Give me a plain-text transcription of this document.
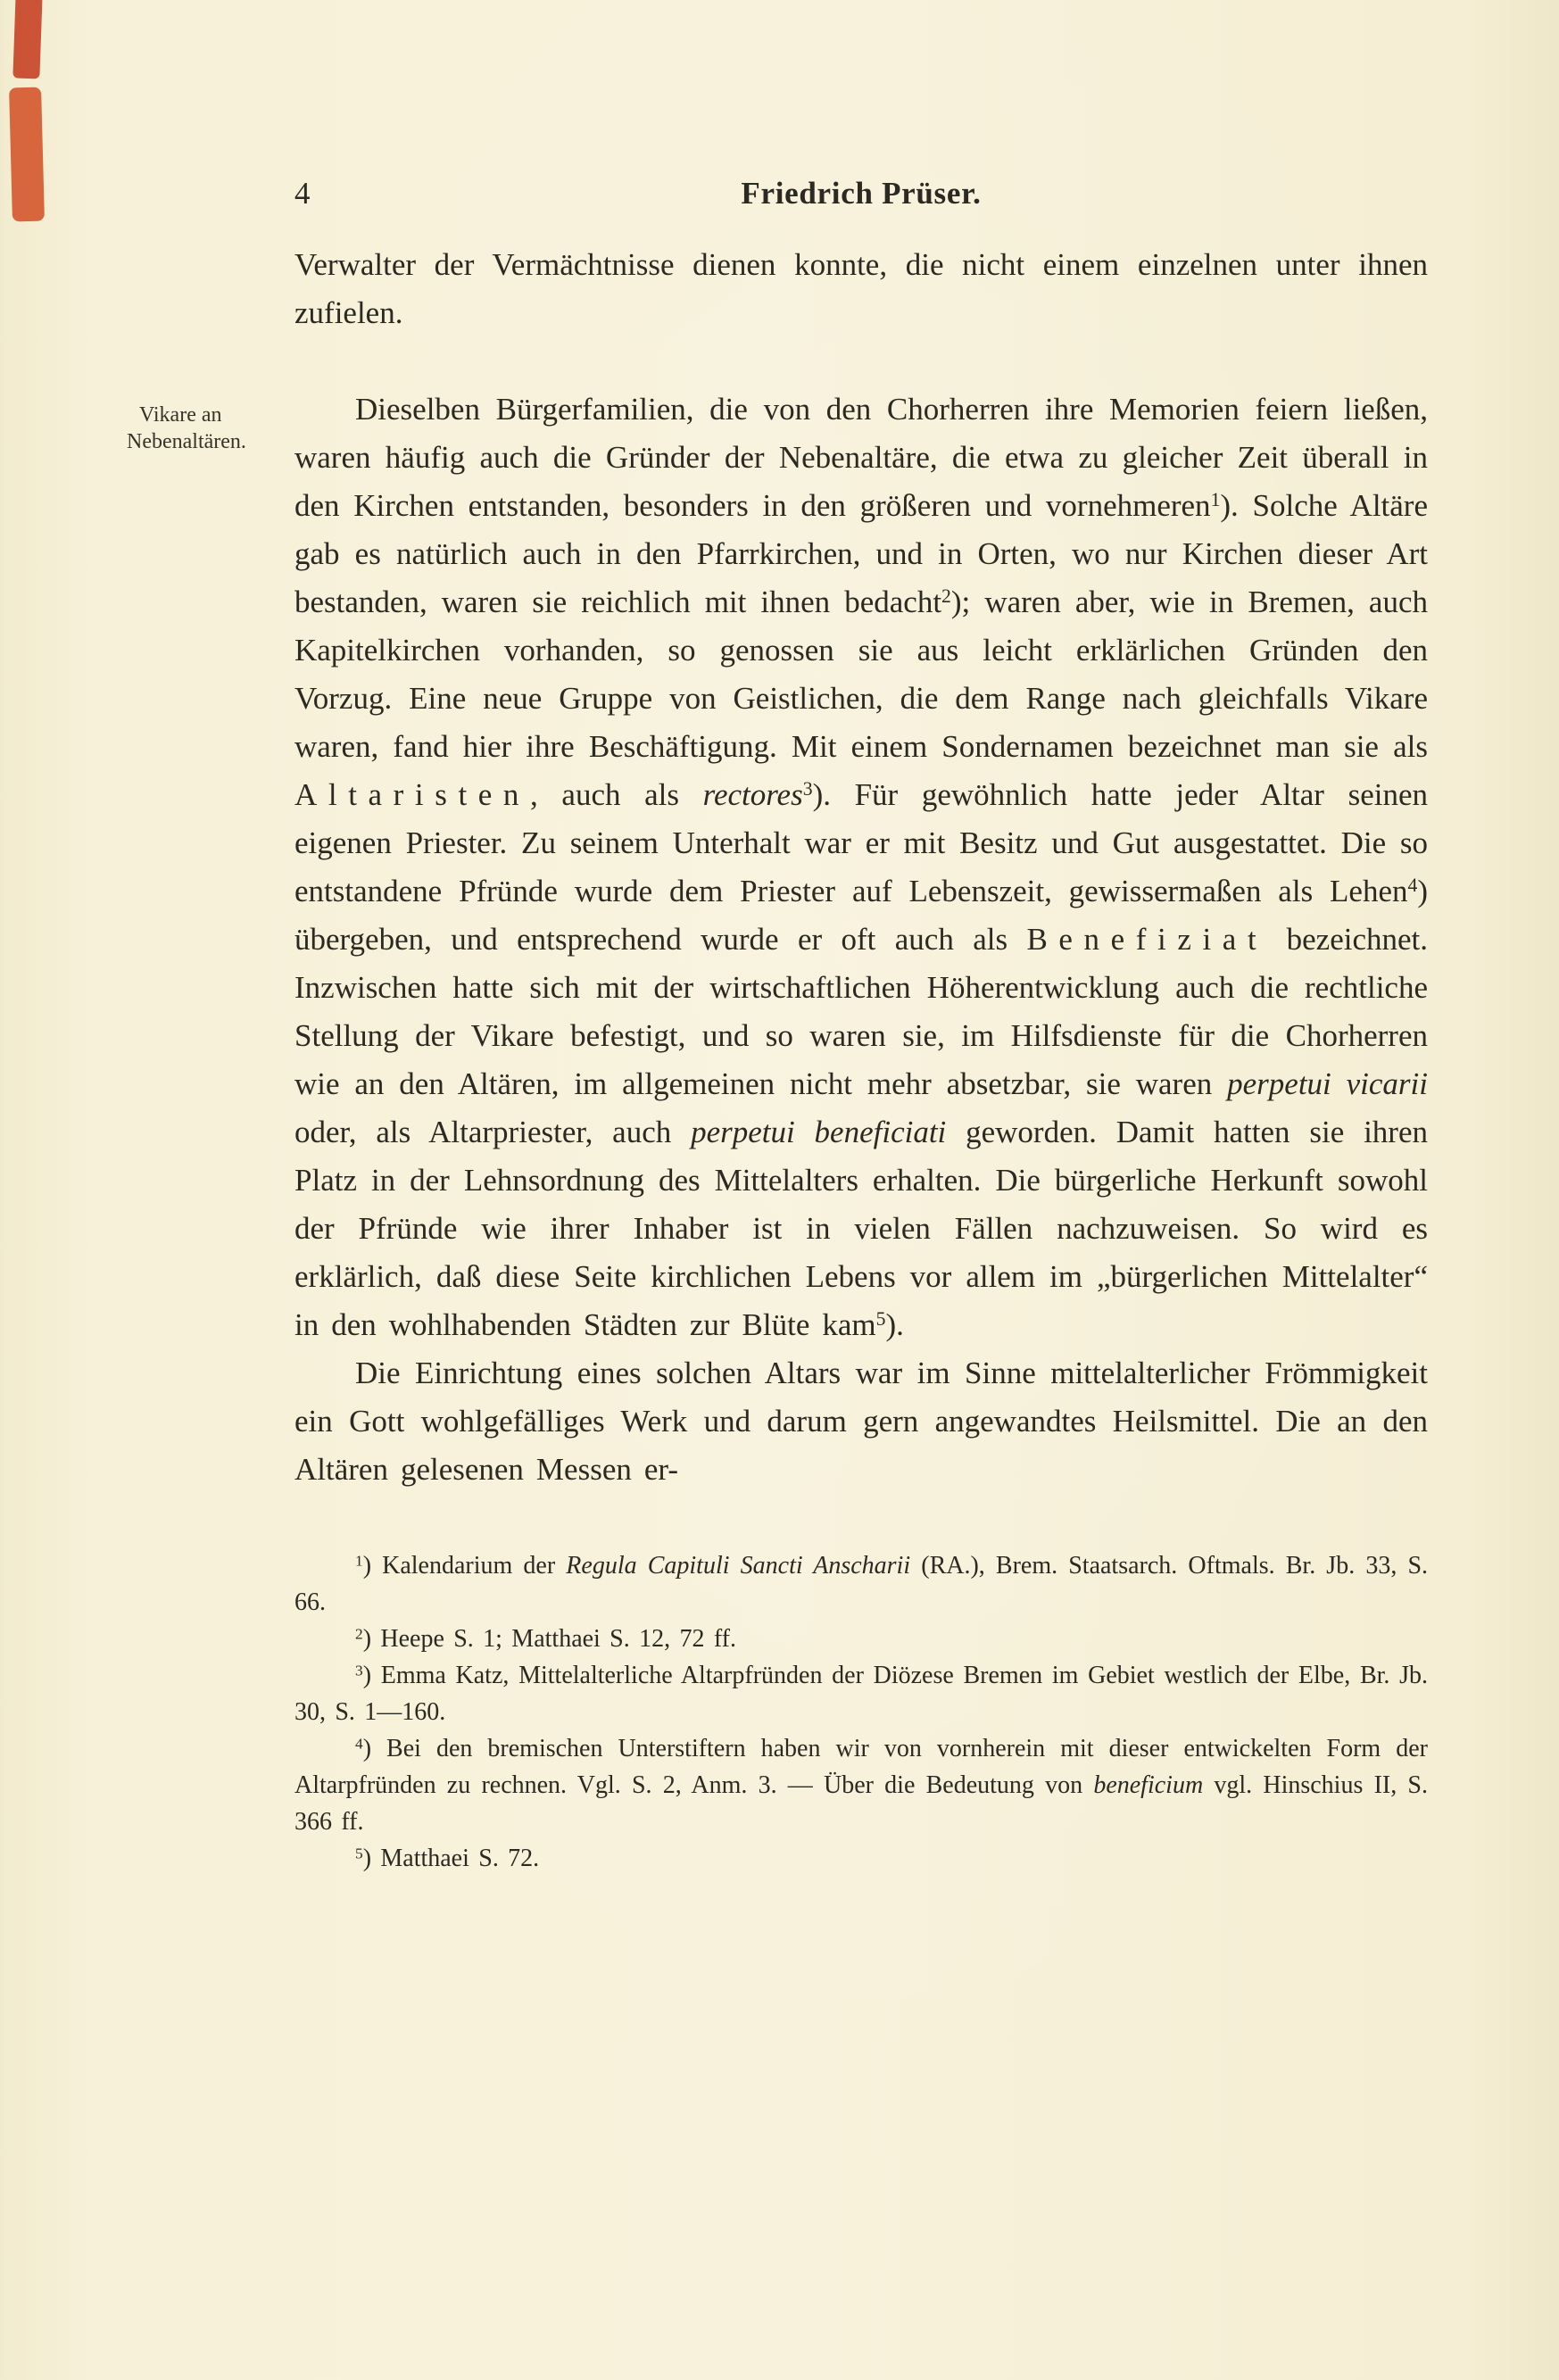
4	Friedrich Prüser.
Vikare an
Nebenaltären.

Verwalter der Vermächtnisse dienen konnte, die nicht einem einzelnen unter ihnen zufielen.

Dieselben Bürgerfamilien, die von den Chorherren ihre Memorien feiern ließen, waren häufig auch die Gründer der Nebenaltäre, die etwa zu gleicher Zeit überall in den Kirchen entstanden, besonders in den größeren und vornehmeren$^1$). Solche Altäre gab es natürlich auch in den Pfarrkirchen, und in Orten, wo nur Kirchen dieser Art bestanden, waren sie reichlich mit ihnen bedacht$^2$); waren aber, wie in Bremen, auch Kapitelkirchen vorhanden, so genossen sie aus leicht erklärlichen Gründen den Vorzug. Eine neue Gruppe von Geistlichen, die dem Range nach gleichfalls Vikare waren, fand hier ihre Beschäftigung. Mit einem Sondernamen bezeichnet man sie als Altaristen, auch als rectores$^3$). Für gewöhnlich hatte jeder Altar seinen eigenen Priester. Zu seinem Unterhalt war er mit Besitz und Gut ausgestattet. Die so entstandene Pfründe wurde dem Priester auf Lebenszeit, gewissermaßen als Lehen$^4$) übergeben, und entsprechend wurde er oft auch als Benefiziat bezeichnet. Inzwischen hatte sich mit der wirtschaftlichen Höherentwicklung auch die rechtliche Stellung der Vikare befestigt, und so waren sie, im Hilfsdienste für die Chorherren wie an den Altären, im allgemeinen nicht mehr absetzbar, sie waren perpetui vicarii oder, als Altarpriester, auch perpetui beneficiati geworden. Damit hatten sie ihren Platz in der Lehnsordnung des Mittelalters erhalten. Die bürgerliche Herkunft sowohl der Pfründe wie ihrer Inhaber ist in vielen Fällen nachzuweisen. So wird es erklärlich, daß diese Seite kirchlichen Lebens vor allem im „bürgerlichen Mittelalter“ in den wohlhabenden Städten zur Blüte kam$^5$).

Die Einrichtung eines solchen Altars war im Sinne mittelalterlicher Frömmigkeit ein Gott wohlgefälliges Werk und darum gern angewandtes Heilsmittel. Die an den Altären gelesenen Messen er-

$^1$) Kalendarium der Regula Capituli Sancti Anscharii (RA.), Brem. Staatsarch. Oftmals. Br. Jb. 33, S. 66.

$^2$) Heepe S. 1; Matthaei S. 12, 72 ff.

$^3$) Emma Katz, Mittelalterliche Altarpfründen der Diözese Bremen im Gebiet westlich der Elbe, Br. Jb. 30, S. 1—160.

$^4$) Bei den bremischen Unterstiftern haben wir von vornherein mit dieser entwickelten Form der Altarpfründen zu rechnen. Vgl. S. 2, Anm. 3. — Über die Bedeutung von beneficium vgl. Hinschius II, S. 366 ff.

$^5$) Matthaei S. 72.
